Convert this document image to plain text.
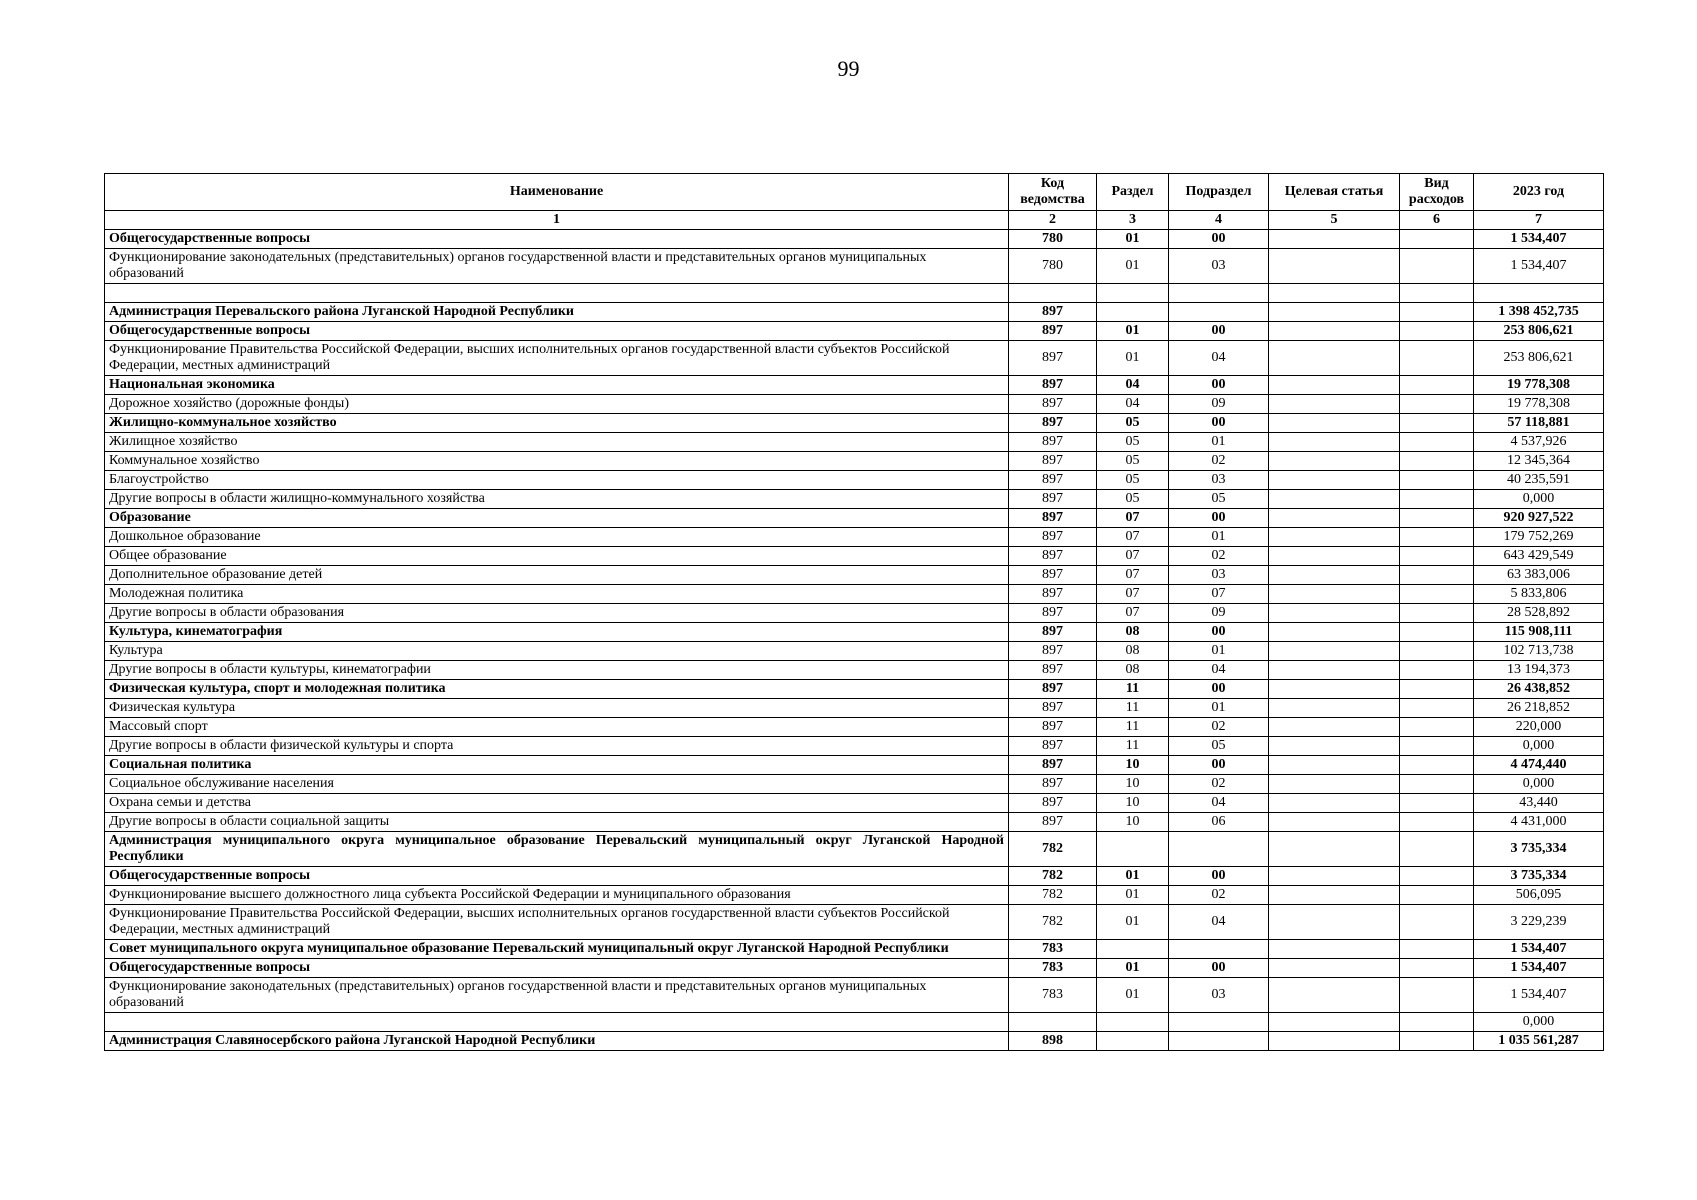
99
Наименование	Код ведомства	Раздел	Подраздел	Целевая статья	Вид расходов	2023 год
1	2	3	4	5	6	7
Общегосударственные вопросы	780	01	00			1 534,407
Функционирование законодательных (представительных) органов государственной власти и представительных органов муниципальных образований	780	01	03			1 534,407

Администрация Перевальского района Луганской Народной Республики	897					1 398 452,735
Общегосударственные вопросы	897	01	00			253 806,621
Функционирование Правительства Российской Федерации, высших исполнительных органов государственной власти субъектов Российской Федерации, местных администраций	897	01	04			253 806,621
Национальная экономика	897	04	00			19 778,308
Дорожное хозяйство (дорожные фонды)	897	04	09			19 778,308
Жилищно-коммунальное хозяйство	897	05	00			57 118,881
Жилищное хозяйство	897	05	01			4 537,926
Коммунальное хозяйство	897	05	02			12 345,364
Благоустройство	897	05	03			40 235,591
Другие вопросы в области жилищно-коммунального хозяйства	897	05	05			0,000
Образование	897	07	00			920 927,522
Дошкольное образование	897	07	01			179 752,269
Общее образование	897	07	02			643 429,549
Дополнительное образование детей	897	07	03			63 383,006
Молодежная политика	897	07	07			5 833,806
Другие вопросы в области образования	897	07	09			28 528,892
Культура, кинематография	897	08	00			115 908,111
Культура	897	08	01			102 713,738
Другие вопросы в области культуры, кинематографии	897	08	04			13 194,373
Физическая культура, спорт и молодежная политика	897	11	00			26 438,852
Физическая культура	897	11	01			26 218,852
Массовый спорт	897	11	02			220,000
Другие вопросы в области физической культуры и спорта	897	11	05			0,000
Социальная политика	897	10	00			4 474,440
Социальное обслуживание населения	897	10	02			0,000
Охрана семьи и детства	897	10	04			43,440
Другие вопросы в области социальной защиты	897	10	06			4 431,000
Администрация муниципального округа муниципальное образование Перевальский муниципальный округ Луганской Народной Республики	782					3 735,334
Общегосударственные вопросы	782	01	00			3 735,334
Функционирование высшего должностного лица субъекта Российской Федерации и муниципального образования	782	01	02			506,095
Функционирование Правительства Российской Федерации, высших исполнительных органов государственной власти субъектов Российской Федерации, местных администраций	782	01	04			3 229,239
Совет муниципального округа муниципальное образование Перевальский муниципальный округ Луганской Народной Республики	783					1 534,407
Общегосударственные вопросы	783	01	00			1 534,407
Функционирование законодательных (представительных) органов государственной власти и представительных органов муниципальных образований	783	01	03			1 534,407
						0,000
Администрация Славяносербского района Луганской Народной Республики	898					1 035 561,287
